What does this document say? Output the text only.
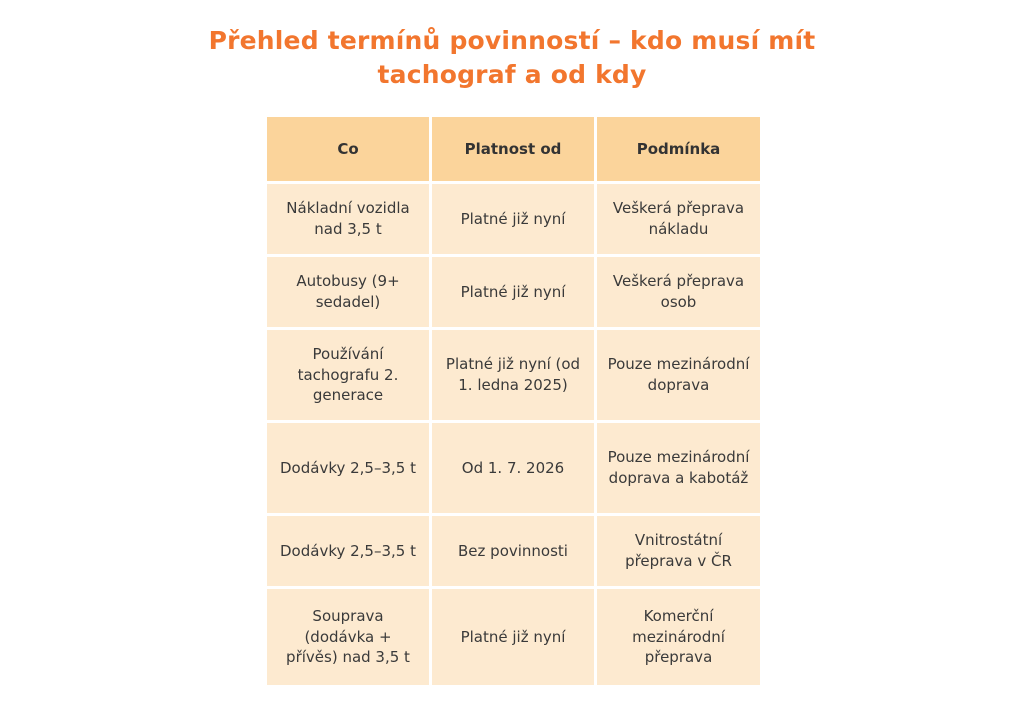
Přehled termínů povinností – kdo musí mít
tachograf a od kdy
Co	Platnost od	Podmínka
Nákladní vozidla nad 3,5 t	Platné již nyní	Veškerá přeprava nákladu
Autobusy (9+ sedadel)	Platné již nyní	Veškerá přeprava osob
Používání tachografu 2. generace	Platné již nyní (od 1. ledna 2025)	Pouze mezinárodní doprava
Dodávky 2,5–3,5 t	Od 1. 7. 2026	Pouze mezinárodní doprava a kabotáž
Dodávky 2,5–3,5 t	Bez povinnosti	Vnitrostátní přeprava v ČR
Souprava (dodávka + přívěs) nad 3,5 t	Platné již nyní	Komerční mezinárodní přeprava
